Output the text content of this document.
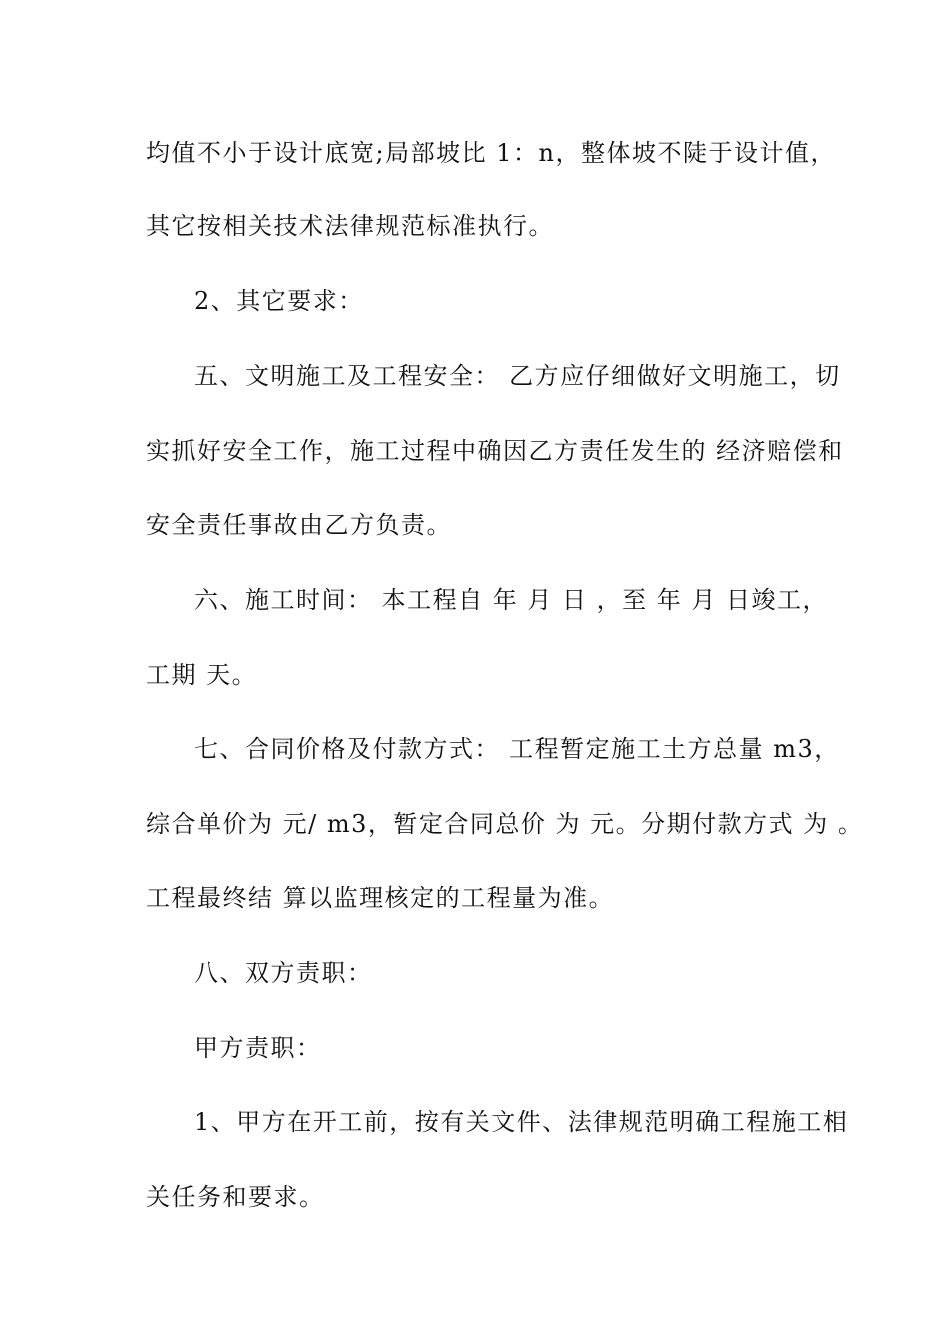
均值不小于设计底宽;局部坡比 1：n，整体坡不陡于设计值，
其它按相关技术法律规范标准执行。
2、其它要求：
五、文明施工及工程安全： 乙方应仔细做好文明施工，切
实抓好安全工作，施工过程中确因乙方责任发生的 经济赔偿和
安全责任事故由乙方负责。
六、施工时间： 本工程自 年 月 日 ，至 年 月 日竣工，
工期 天。
七、合同价格及付款方式： 工程暂定施工土方总量 m3，
综合单价为 元/ m3，暂定合同总价 为 元。分期付款方式 为 。
工程最终结 算以监理核定的工程量为准。
八、双方责职：
甲方责职：
1、甲方在开工前，按有关文件、法律规范明确工程施工相
关任务和要求。
